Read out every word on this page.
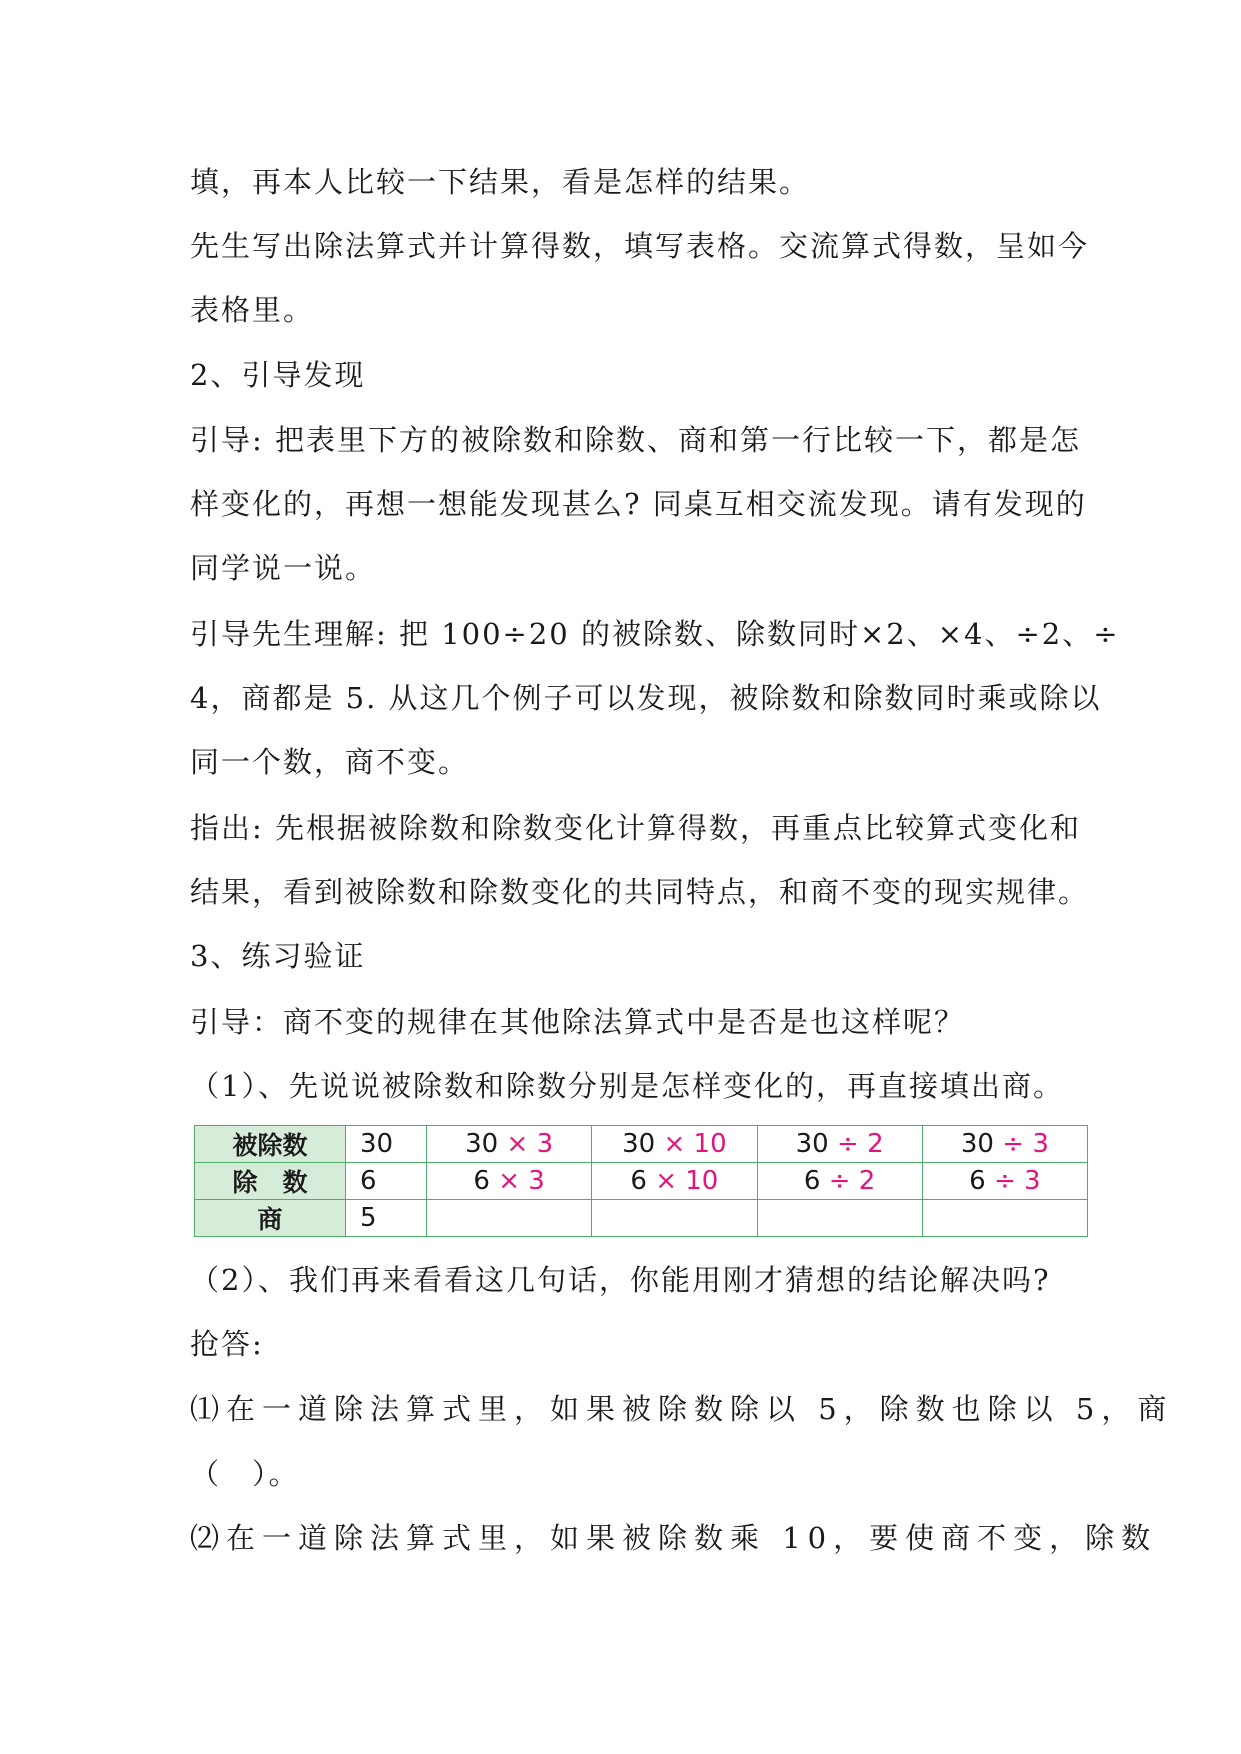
填，再本人比较一下结果，看是怎样的结果。
先生写出除法算式并计算得数，填写表格。交流算式得数，呈如今
表格里。
2、引导发现
引导: 把表里下方的被除数和除数、商和第一行比较一下，都是怎
样变化的，再想一想能发现甚么? 同桌互相交流发现。请有发现的
同学说一说。
引导先生理解: 把 100÷20 的被除数、除数同时×2、×4、÷2、÷
4，商都是 5. 从这几个例子可以发现，被除数和除数同时乘或除以
同一个数，商不变。
指出: 先根据被除数和除数变化计算得数，再重点比较算式变化和
结果，看到被除数和除数变化的共同特点，和商不变的现实规律。
3、练习验证
引导：商不变的规律在其他除法算式中是否是也这样呢？
（1）、先说说被除数和除数分别是怎样变化的，再直接填出商。
被除数	30	30 × 3	30 × 10	30 ÷ 2	30 ÷ 3
除　数	6	6 × 3	6 × 10	6 ÷ 2	6 ÷ 3
商	5				
（2）、我们再来看看这几句话，你能用刚才猜想的结论解决吗?
抢答:
⑴在一道除法算式里，如果被除数除以 5，除数也除以 5，商
（　）。
⑵在一道除法算式里，如果被除数乘 10，要使商不变，除数
